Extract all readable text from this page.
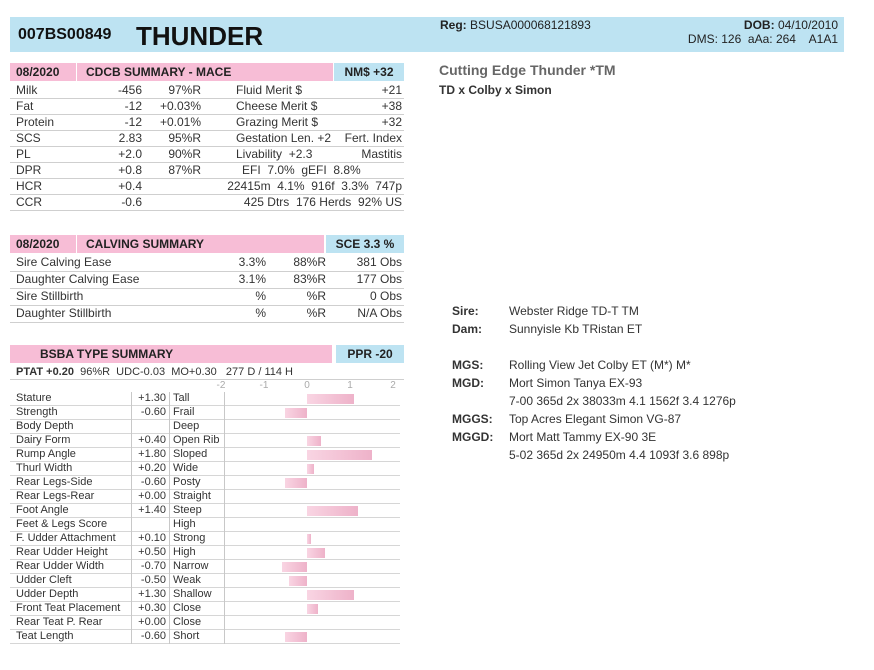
007BS00849 THUNDER	Reg: BSUSA000068121893	DOB: 04/10/2010
DMS: 126  aAa: 264    A1A1
Cutting Edge Thunder *TM
TD x Colby x Simon
08/2020 CDCB SUMMARY - MACE	NM$ +32
Milk	-456 97%R	Fluid Merit $	+21
Fat	-12 +0.03%	Cheese Merit $	+38
Protein	-12 +0.01%	Grazing Merit $	+32
SCS	2.83 95%R	Gestation Len. +2 Fert. Index
PL	+2.0 90%R	Livability  +2.3	Mastitis
DPR	+0.8 87%R	EFI  7.0%  gEFI  8.8%
HCR	+0.4	22415m  4.1%  916f  3.3%  747p
CCR	-0.6	425 Dtrs  176 Herds  92% US
08/2020 CALVING SUMMARY	SCE 3.3 %
Sire Calving Ease	3.3% 88%R	381 Obs
Daughter Calving Ease	3.1% 83%R	177 Obs
Sire Stillbirth	%	%R	0 Obs
Daughter Stillbirth	%	%R	N/A Obs
BSBA TYPE SUMMARY	PPR -20
PTAT +0.20 96%R  UDC-0.03  MO+0.30   277 D / 114 H
-2	-1	0	1	2
Stature	+1.30 Tall
Strength	-0.60 Frail
Body Depth	Deep
Dairy Form	+0.40 Open Rib
Rump Angle	+1.80 Sloped
Thurl Width	+0.20 Wide
Rear Legs-Side	-0.60 Posty
Rear Legs-Rear	+0.00 Straight
Foot Angle	+1.40 Steep
Feet & Legs Score	High
F. Udder Attachment	+0.10 Strong
Rear Udder Height	+0.50 High
Rear Udder Width	-0.70 Narrow
Udder Cleft	-0.50 Weak
Udder Depth	+1.30 Shallow
Front Teat Placement	+0.30 Close
Rear Teat P. Rear	+0.00 Close
Teat Length	-0.60 Short
Sire:	Webster Ridge TD-T TM
Dam: Sunnyisle Kb TRistan ET
MGS: Rolling View Jet Colby ET (M*) M*
MGD: Mort Simon Tanya EX-93
7-00 365d 2x 38033m 4.1 1562f 3.4 1276p
MGGS: Top Acres Elegant Simon VG-87
MGGD: Mort Matt Tammy EX-90 3E
5-02 365d 2x 24950m 4.4 1093f 3.6 898p
